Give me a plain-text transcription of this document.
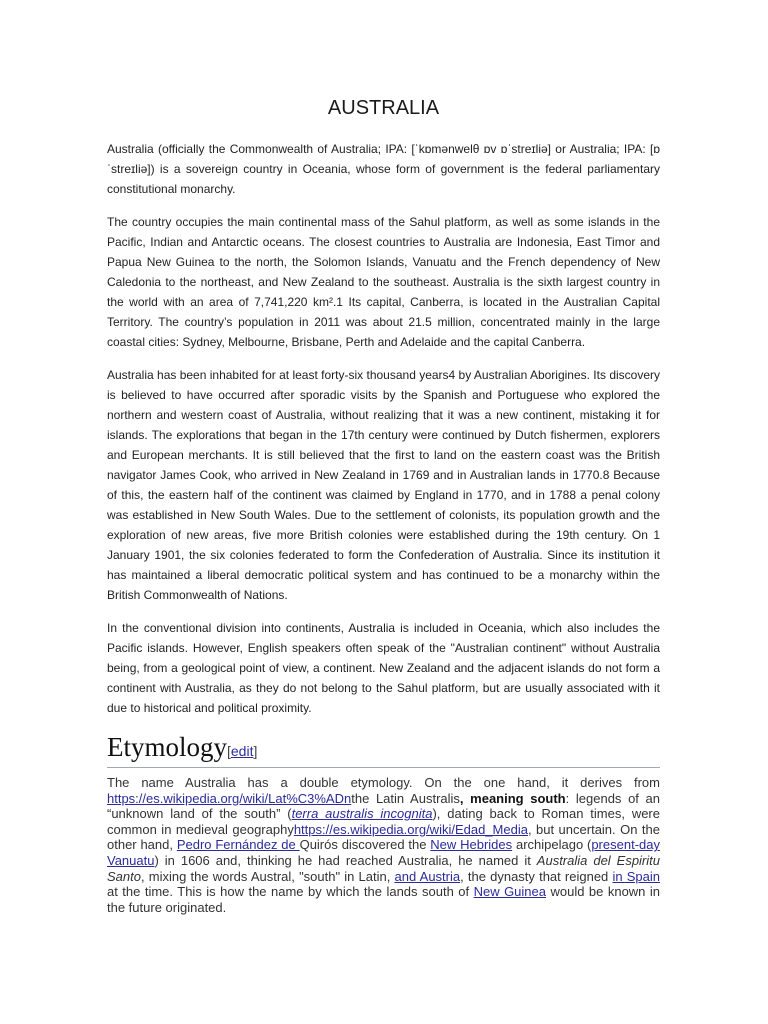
AUSTRALIA

Australia (officially the Commonwealth of Australia; IPA: [ˈkɒmənwelθ ɒv ɒˈstreɪliə] or Australia; IPA: [ɒˈstreɪliə]) is a sovereign country in Oceania, whose form of government is the federal parliamentary constitutional monarchy.

The country occupies the main continental mass of the Sahul platform, as well as some islands in the Pacific, Indian and Antarctic oceans. The closest countries to Australia are Indonesia, East Timor and Papua New Guinea to the north, the Solomon Islands, Vanuatu and the French dependency of New Caledonia to the northeast, and New Zealand to the southeast. Australia is the sixth largest country in the world with an area of 7,741,220 km².1 Its capital, Canberra, is located in the Australian Capital Territory. The country’s population in 2011 was about 21.5 million, concentrated mainly in the large coastal cities: Sydney, Melbourne, Brisbane, Perth and Adelaide and the capital Canberra.

Australia has been inhabited for at least forty-six thousand years4 by Australian Aborigines. Its discovery is believed to have occurred after sporadic visits by the Spanish and Portuguese who explored the northern and western coast of Australia, without realizing that it was a new continent, mistaking it for islands. The explorations that began in the 17th century were continued by Dutch fishermen, explorers and European merchants. It is still believed that the first to land on the eastern coast was the British navigator James Cook, who arrived in New Zealand in 1769 and in Australian lands in 1770.8 Because of this, the eastern half of the continent was claimed by England in 1770, and in 1788 a penal colony was established in New South Wales. Due to the settlement of colonists, its population growth and the exploration of new areas, five more British colonies were established during the 19th century. On 1 January 1901, the six colonies federated to form the Confederation of Australia. Since its institution it has maintained a liberal democratic political system and has continued to be a monarchy within the British Commonwealth of Nations.

In the conventional division into continents, Australia is included in Oceania, which also includes the Pacific islands. However, English speakers often speak of the "Australian continent" without Australia being, from a geological point of view, a continent. New Zealand and the adjacent islands do not form a continent with Australia, as they do not belong to the Sahul platform, but are usually associated with it due to historical and political proximity.

Etymology[edit]

The name Australia has a double etymology. On the one hand, it derives from https://es.wikipedia.org/wiki/Lat%C3%ADnthe Latin Australis, meaning south: legends of an “unknown land of the south” (terra australis incognita), dating back to Roman times, were common in medieval geographyhttps://es.wikipedia.org/wiki/Edad_Media, but uncertain. On the other hand, Pedro Fernández de Quirós discovered the New Hebrides archipelago (present-day Vanuatu) in 1606 and, thinking he had reached Australia, he named it Australia del Espiritu Santo, mixing the words Austral, "south" in Latin, and Austria, the dynasty that reigned in Spain at the time. This is how the name by which the lands south of New Guinea would be known in the future originated.
